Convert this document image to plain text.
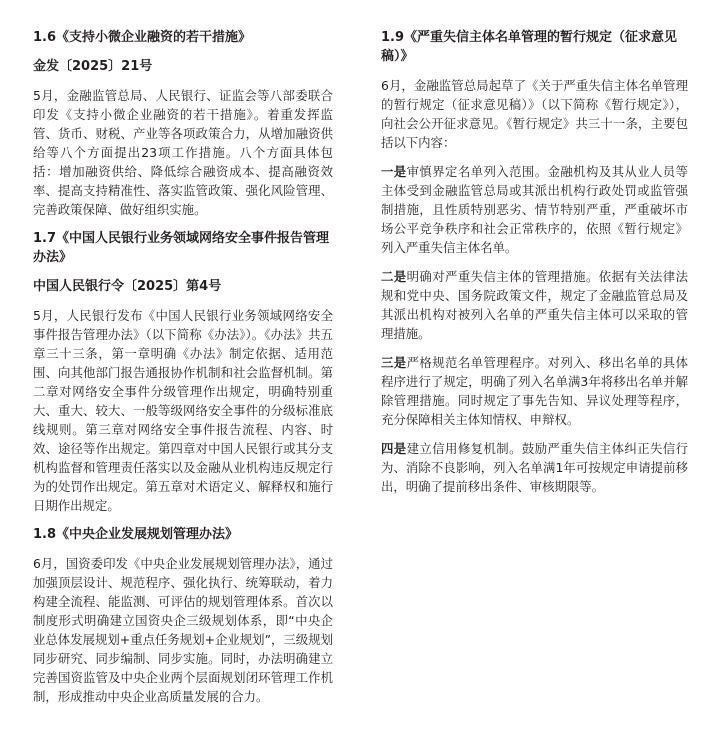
1.6《支持小微企业融资的若干措施》
金发〔2025〕21号
5月，金融监管总局、人民银行、证监会等八部委联合印发《支持小微企业融资的若干措施》。着重发挥监管、货币、财税、产业等各项政策合力，从增加融资供给等八个方面提出23项工作措施。八个方面具体包括：增加融资供给、降低综合融资成本、提高融资效率、提高支持精准性、落实监管政策、强化风险管理、完善政策保障、做好组织实施。
1.7《中国人民银行业务领域网络安全事件报告管理办法》
中国人民银行令〔2025〕第4号
5月，人民银行发布《中国人民银行业务领域网络安全事件报告管理办法》（以下简称《办法》）。《办法》共五章三十三条，第一章明确《办法》制定依据、适用范围、向其他部门报告通报协作机制和社会监督机制。第二章对网络安全事件分级管理作出规定，明确特别重大、重大、较大、一般等级网络安全事件的分级标准底线规则。第三章对网络安全事件报告流程、内容、时效、途径等作出规定。第四章对中国人民银行或其分支机构监督和管理责任落实以及金融从业机构违反规定行为的处罚作出规定。第五章对术语定义、解释权和施行日期作出规定。
1.8《中央企业发展规划管理办法》
6月，国资委印发《中央企业发展规划管理办法》，通过加强顶层设计、规范程序、强化执行、统筹联动，着力构建全流程、能监测、可评估的规划管理体系。首次以制度形式明确建立国资央企三级规划体系，即“中央企业总体发展规划+重点任务规划+企业规划”，三级规划同步研究、同步编制、同步实施。同时，办法明确建立完善国资监管及中央企业两个层面规划闭环管理工作机制，形成推动中央企业高质量发展的合力。
1.9《严重失信主体名单管理的暂行规定（征求意见稿）》
6月，金融监管总局起草了《关于严重失信主体名单管理的暂行规定（征求意见稿）》（以下简称《暂行规定》），向社会公开征求意见。《暂行规定》共三十一条，主要包括以下内容：
一是审慎界定名单列入范围。金融机构及其从业人员等主体受到金融监管总局或其派出机构行政处罚或监管强制措施，且性质特别恶劣、情节特别严重，严重破坏市场公平竞争秩序和社会正常秩序的，依照《暂行规定》列入严重失信主体名单。
二是明确对严重失信主体的管理措施。依据有关法律法规和党中央、国务院政策文件，规定了金融监管总局及其派出机构对被列入名单的严重失信主体可以采取的管理措施。
三是严格规范名单管理程序。对列入、移出名单的具体程序进行了规定，明确了列入名单满3年将移出名单并解除管理措施。同时规定了事先告知、异议处理等程序，充分保障相关主体知情权、申辩权。
四是建立信用修复机制。鼓励严重失信主体纠正失信行为、消除不良影响，列入名单满1年可按规定申请提前移出，明确了提前移出条件、审核期限等。
